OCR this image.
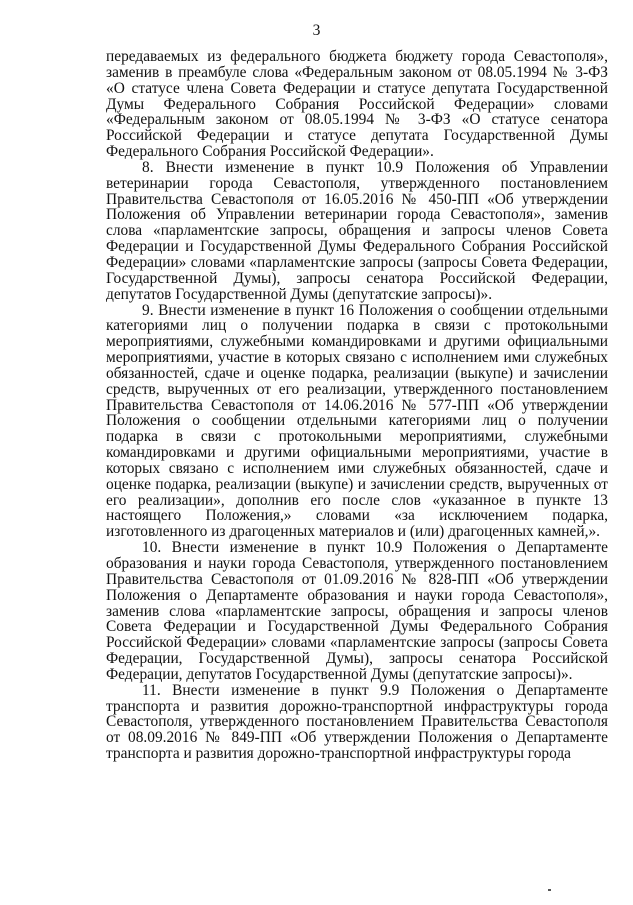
3

передаваемых из федерального бюджета бюджету города Севастополя», заменив в преамбуле слова «Федеральным законом от 08.05.1994 № 3-ФЗ «О статусе члена Совета Федерации и статусе депутата Государственной Думы Федерального Собрания Российской Федерации» словами «Федеральным законом от 08.05.1994 № 3-ФЗ «О статусе сенатора Российской Федерации и статусе депутата Государственной Думы Федерального Собрания Российской Федерации».

8. Внести изменение в пункт 10.9 Положения об Управлении ветеринарии города Севастополя, утвержденного постановлением Правительства Севастополя от 16.05.2016 № 450-ПП «Об утверждении Положения об Управлении ветеринарии города Севастополя», заменив слова «парламентские запросы, обращения и запросы членов Совета Федерации и Государственной Думы Федерального Собрания Российской Федерации» словами «парламентские запросы (запросы Совета Федерации, Государственной Думы), запросы сенатора Российской Федерации, депутатов Государственной Думы (депутатские запросы)».

9. Внести изменение в пункт 16 Положения о сообщении отдельными категориями лиц о получении подарка в связи с протокольными мероприятиями, служебными командировками и другими официальными мероприятиями, участие в которых связано с исполнением ими служебных обязанностей, сдаче и оценке подарка, реализации (выкупе) и зачислении средств, вырученных от его реализации, утвержденного постановлением Правительства Севастополя от 14.06.2016 № 577-ПП «Об утверждении Положения о сообщении отдельными категориями лиц о получении подарка в связи с протокольными мероприятиями, служебными командировками и другими официальными мероприятиями, участие в которых связано с исполнением ими служебных обязанностей, сдаче и оценке подарка, реализации (выкупе) и зачислении средств, вырученных от его реализации», дополнив его после слов «указанное в пункте 13 настоящего Положения,» словами «за исключением подарка, изготовленного из драгоценных материалов и (или) драгоценных камней,».

10. Внести изменение в пункт 10.9 Положения о Департаменте образования и науки города Севастополя, утвержденного постановлением Правительства Севастополя от 01.09.2016 № 828-ПП «Об утверждении Положения о Департаменте образования и науки города Севастополя», заменив слова «парламентские запросы, обращения и запросы членов Совета Федерации и Государственной Думы Федерального Собрания Российской Федерации» словами «парламентские запросы (запросы Совета Федерации, Государственной Думы), запросы сенатора Российской Федерации, депутатов Государственной Думы (депутатские запросы)».

11. Внести изменение в пункт 9.9 Положения о Департаменте транспорта и развития дорожно-транспортной инфраструктуры города Севастополя, утвержденного постановлением Правительства Севастополя от 08.09.2016 № 849-ПП «Об утверждении Положения о Департаменте транспорта и развития дорожно-транспортной инфраструктуры города
